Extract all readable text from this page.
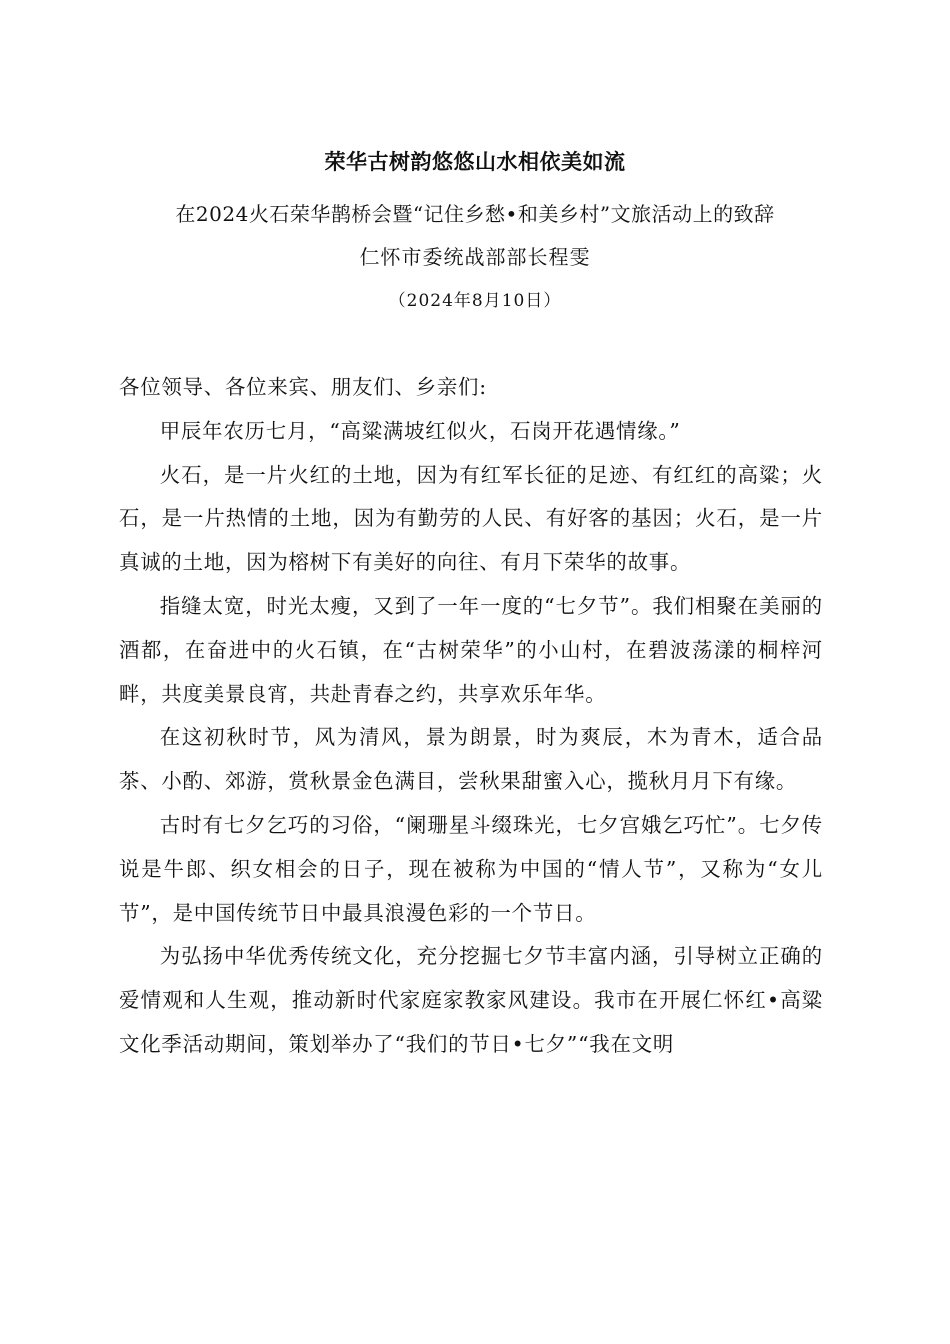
荣华古树韵悠悠山水相依美如流
在2024火石荣华鹊桥会暨“记住乡愁•和美乡村”文旅活动上的致辞
仁怀市委统战部部长程雯
（2024年8月10日）

各位领导、各位来宾、朋友们、乡亲们:

甲辰年农历七月，“高粱满坡红似火，石岗开花遇情缘。”

火石，是一片火红的土地，因为有红军长征的足迹、有红红的高粱；火石，是一片热情的土地，因为有勤劳的人民、有好客的基因；火石，是一片真诚的土地，因为榕树下有美好的向往、有月下荣华的故事。

指缝太宽，时光太瘦，又到了一年一度的“七夕节”。我们相聚在美丽的酒都，在奋进中的火石镇，在“古树荣华”的小山村，在碧波荡漾的桐梓河畔，共度美景良宵，共赴青春之约，共享欢乐年华。

在这初秋时节，风为清风，景为朗景，时为爽辰，木为青木，适合品茶、小酌、郊游，赏秋景金色满目，尝秋果甜蜜入心，揽秋月月下有缘。

古时有七夕乞巧的习俗，“阑珊星斗缀珠光，七夕宫娥乞巧忙”。七夕传说是牛郎、织女相会的日子，现在被称为中国的“情人节”，又称为“女儿节”，是中国传统节日中最具浪漫色彩的一个节日。

为弘扬中华优秀传统文化，充分挖掘七夕节丰富内涵，引导树立正确的爱情观和人生观，推动新时代家庭家教家风建设。我市在开展仁怀红•高粱文化季活动期间，策划举办了“我们的节日•七夕”“我在文明
